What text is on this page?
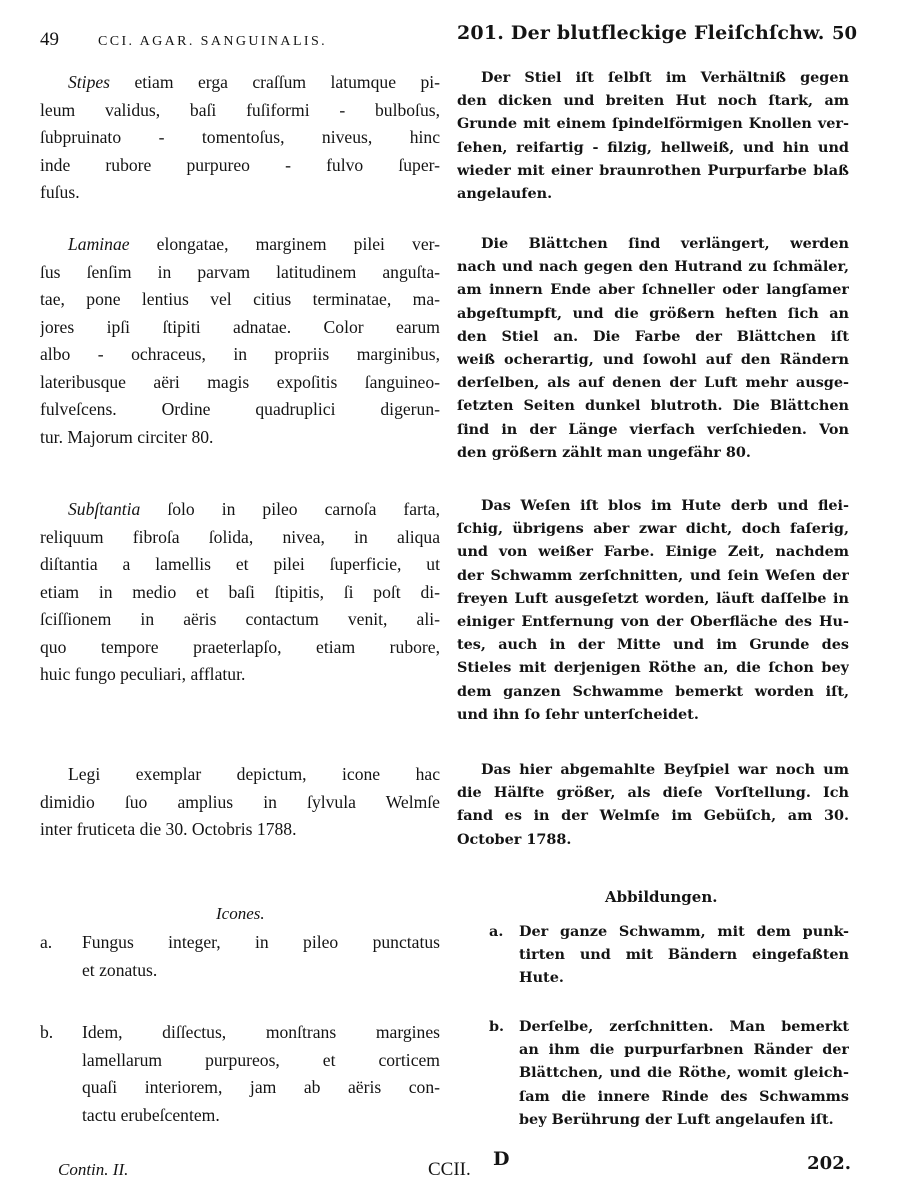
49	CCI. AGAR. SANGUINALIS.
Stipes etiam erga craſſum latumque pi-
leum validus, baſi fuſiformi - bulboſus,
ſubpruinato - tomentoſus, niveus, hinc
inde rubore purpureo - fulvo ſuper-
fuſus.
Laminae elongatae, marginem pilei ver-
ſus ſenſim in parvam latitudinem anguſta-
tae, pone lentius vel citius terminatae, ma-
jores ipſi ſtipiti adnatae. Color earum
albo - ochraceus, in propriis marginibus,
lateribusque aëri magis expoſitis ſanguineo-
fulveſcens. Ordine quadruplici digerun-
tur. Majorum circiter 80.
Subſtantia ſolo in pileo carnoſa farta,
reliquum fibroſa ſolida, nivea, in aliqua
diſtantia a lamellis et pilei ſuperficie, ut
etiam in medio et baſi ſtipitis, ſi poſt di-
ſciſſionem in aëris contactum venit, ali-
quo tempore praeterlapſo, etiam rubore,
huic fungo peculiari, afflatur.
Legi exemplar depictum, icone hac
dimidio ſuo amplius in ſylvula Welmſe
inter fruticeta die 30. Octobris 1788.
Icones.
a. Fungus integer, in pileo punctatus
et zonatus.
b. Idem, diſſectus, monſtrans margines
lamellarum purpureos, et corticem
quaſi interiorem, jam ab aëris con-
tactu erubeſcentem.
Contin. II.	CCII.
201. Der blutfleckige Fleiſchſchw. 50
Der Stiel iſt ſelbſt im Verhältniß gegen
den dicken und breiten Hut noch ſtark, am
Grunde mit einem ſpindelförmigen Knollen ver-
ſehen, reifartig - filzig, hellweiß, und hin und
wieder mit einer braunrothen Purpurfarbe blaß
angelaufen.
Die Blättchen ſind verlängert, werden
nach und nach gegen den Hutrand zu ſchmäler,
am innern Ende aber ſchneller oder langſamer
abgeſtumpft, und die größern heften ſich an
den Stiel an. Die Farbe der Blättchen iſt
weiß ocherartig, und ſowohl auf den Rändern
derſelben, als auf denen der Luft mehr ausge-
ſetzten Seiten dunkel blutroth. Die Blättchen
ſind in der Länge vierfach verſchieden. Von
den größern zählt man ungefähr 80.
Das Weſen iſt blos im Hute derb und flei-
ſchig, übrigens aber zwar dicht, doch faſerig,
und von weißer Farbe. Einige Zeit, nachdem
der Schwamm zerſchnitten, und ſein Weſen der
freyen Luft ausgeſetzt worden, läuft daſſelbe in
einiger Entfernung von der Oberfläche des Hu-
tes, auch in der Mitte und im Grunde des
Stieles mit derjenigen Röthe an, die ſchon bey
dem ganzen Schwamme bemerkt worden iſt,
und ihn ſo ſehr unterſcheidet.
Das hier abgemahlte Beyſpiel war noch um
die Hälfte größer, als dieſe Vorſtellung. Ich
fand es in der Welmſe im Gebüſch, am 30.
October 1788.
Abbildungen.
a. Der ganze Schwamm, mit dem punk-
tirten und mit Bändern eingefaßten
Hute.
b. Derſelbe, zerſchnitten. Man bemerkt
an ihm die purpurfarbnen Ränder der
Blättchen, und die Röthe, womit gleich-
ſam die innere Rinde des Schwamms
bey Berührung der Luft angelaufen iſt.
D	202.
